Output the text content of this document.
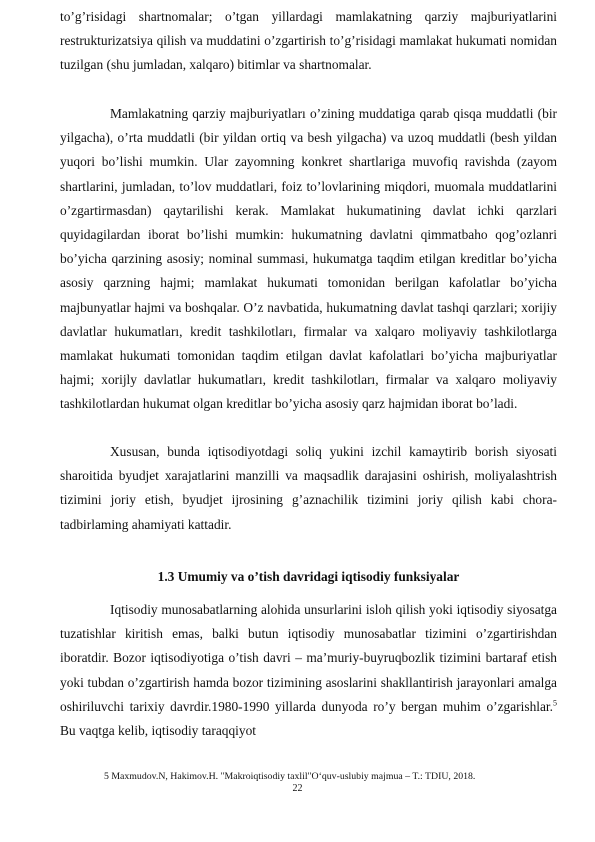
to’g’risidagi shartnomalar; o’tgan yillardagi mamlakatning qarziy majburiyatlarini restrukturizatsiya qilish va muddatini o’zgartirish to’g’risidagi mamlakat hukumati nomidan tuzilgan (shu jumladan, xalqaro) bitimlar va shartnomalar.

Mamlakatning qarziy majburiyatları o’zining muddatiga qarab qisqa muddatli (bir yilgacha), o’rta muddatli (bir yildan ortiq va besh yilgacha) va uzoq muddatli (besh yildan yuqori bo’lishi mumkin. Ular zayomning konkret shartlariga muvofiq ravishda (zayom shartlarini, jumladan, to’lov muddatlari, foiz to’lovlarining miqdori, muomala muddatlarini o’zgartirmasdan) qaytarilishi kerak. Mamlakat hukumatining davlat ichki qarzlari quyidagilardan iborat bo’lishi mumkin: hukumatning davlatni qimmatbaho qog’ozlanri bo’yicha qarzining asosiy; nominal summasi, hukumatga taqdim etilgan kreditlar bo’yicha asosiy qarzning hajmi; mamlakat hukumati tomonidan berilgan kafolatlar bo’yicha majbunyatlar hajmi va boshqalar. O’z navbatida, hukumatning davlat tashqi qarzlari; xorijiy davlatlar hukumatları, kredit tashkilotları, firmalar va xalqaro moliyaviy tashkilotlarga mamlakat hukumati tomonidan taqdim etilgan davlat kafolatlari bo’yicha majburiyatlar hajmi; xorijly davlatlar hukumatları, kredit tashkilotları, firmalar va xalqaro moliyaviy tashkilotlardan hukumat olgan kreditlar bo’yicha asosiy qarz hajmidan iborat bo’ladi.

Xususan, bunda iqtisodiyotdagi soliq yukini izchil kamaytirib borish siyosati sharoitida byudjet xarajatlarini manzilli va maqsadlik darajasini oshirish, moliyalashtrish tizimini joriy etish, byudjet ijrosining g’aznachilik tizimini joriy qilish kabi chora-tadbirlaming ahamiyati kattadir.

1.3 Umumiy va o’tish davridagi iqtisodiy funksiyalar

Iqtisodiy munosabatlarning alohida unsurlarini isloh qilish yoki iqtisodiy siyosatga tuzatishlar kiritish emas, balki butun iqtisodiy munosabatlar tizimini o’zgartirishdan iboratdir. Bozor iqtisodiyotiga o’tish davri – ma’muriy-buyruqbozlik tizimini bartaraf etish yoki tubdan o’zgartirish hamda bozor tizimining asoslarini shakllantirish jarayonlari amalga oshiriluvchi tarixiy davrdir.1980-1990 yillarda dunyoda ro’y bergan muhim o’zgarishlar.$^5$ Bu vaqtga kelib, iqtisodiy taraqqiyot

5 Maxmudov.N, Hakimov.H. "Makroiqtisodiy taxlil"O‘quv-uslubiy majmua – T.: TDIU, 2018.

22
